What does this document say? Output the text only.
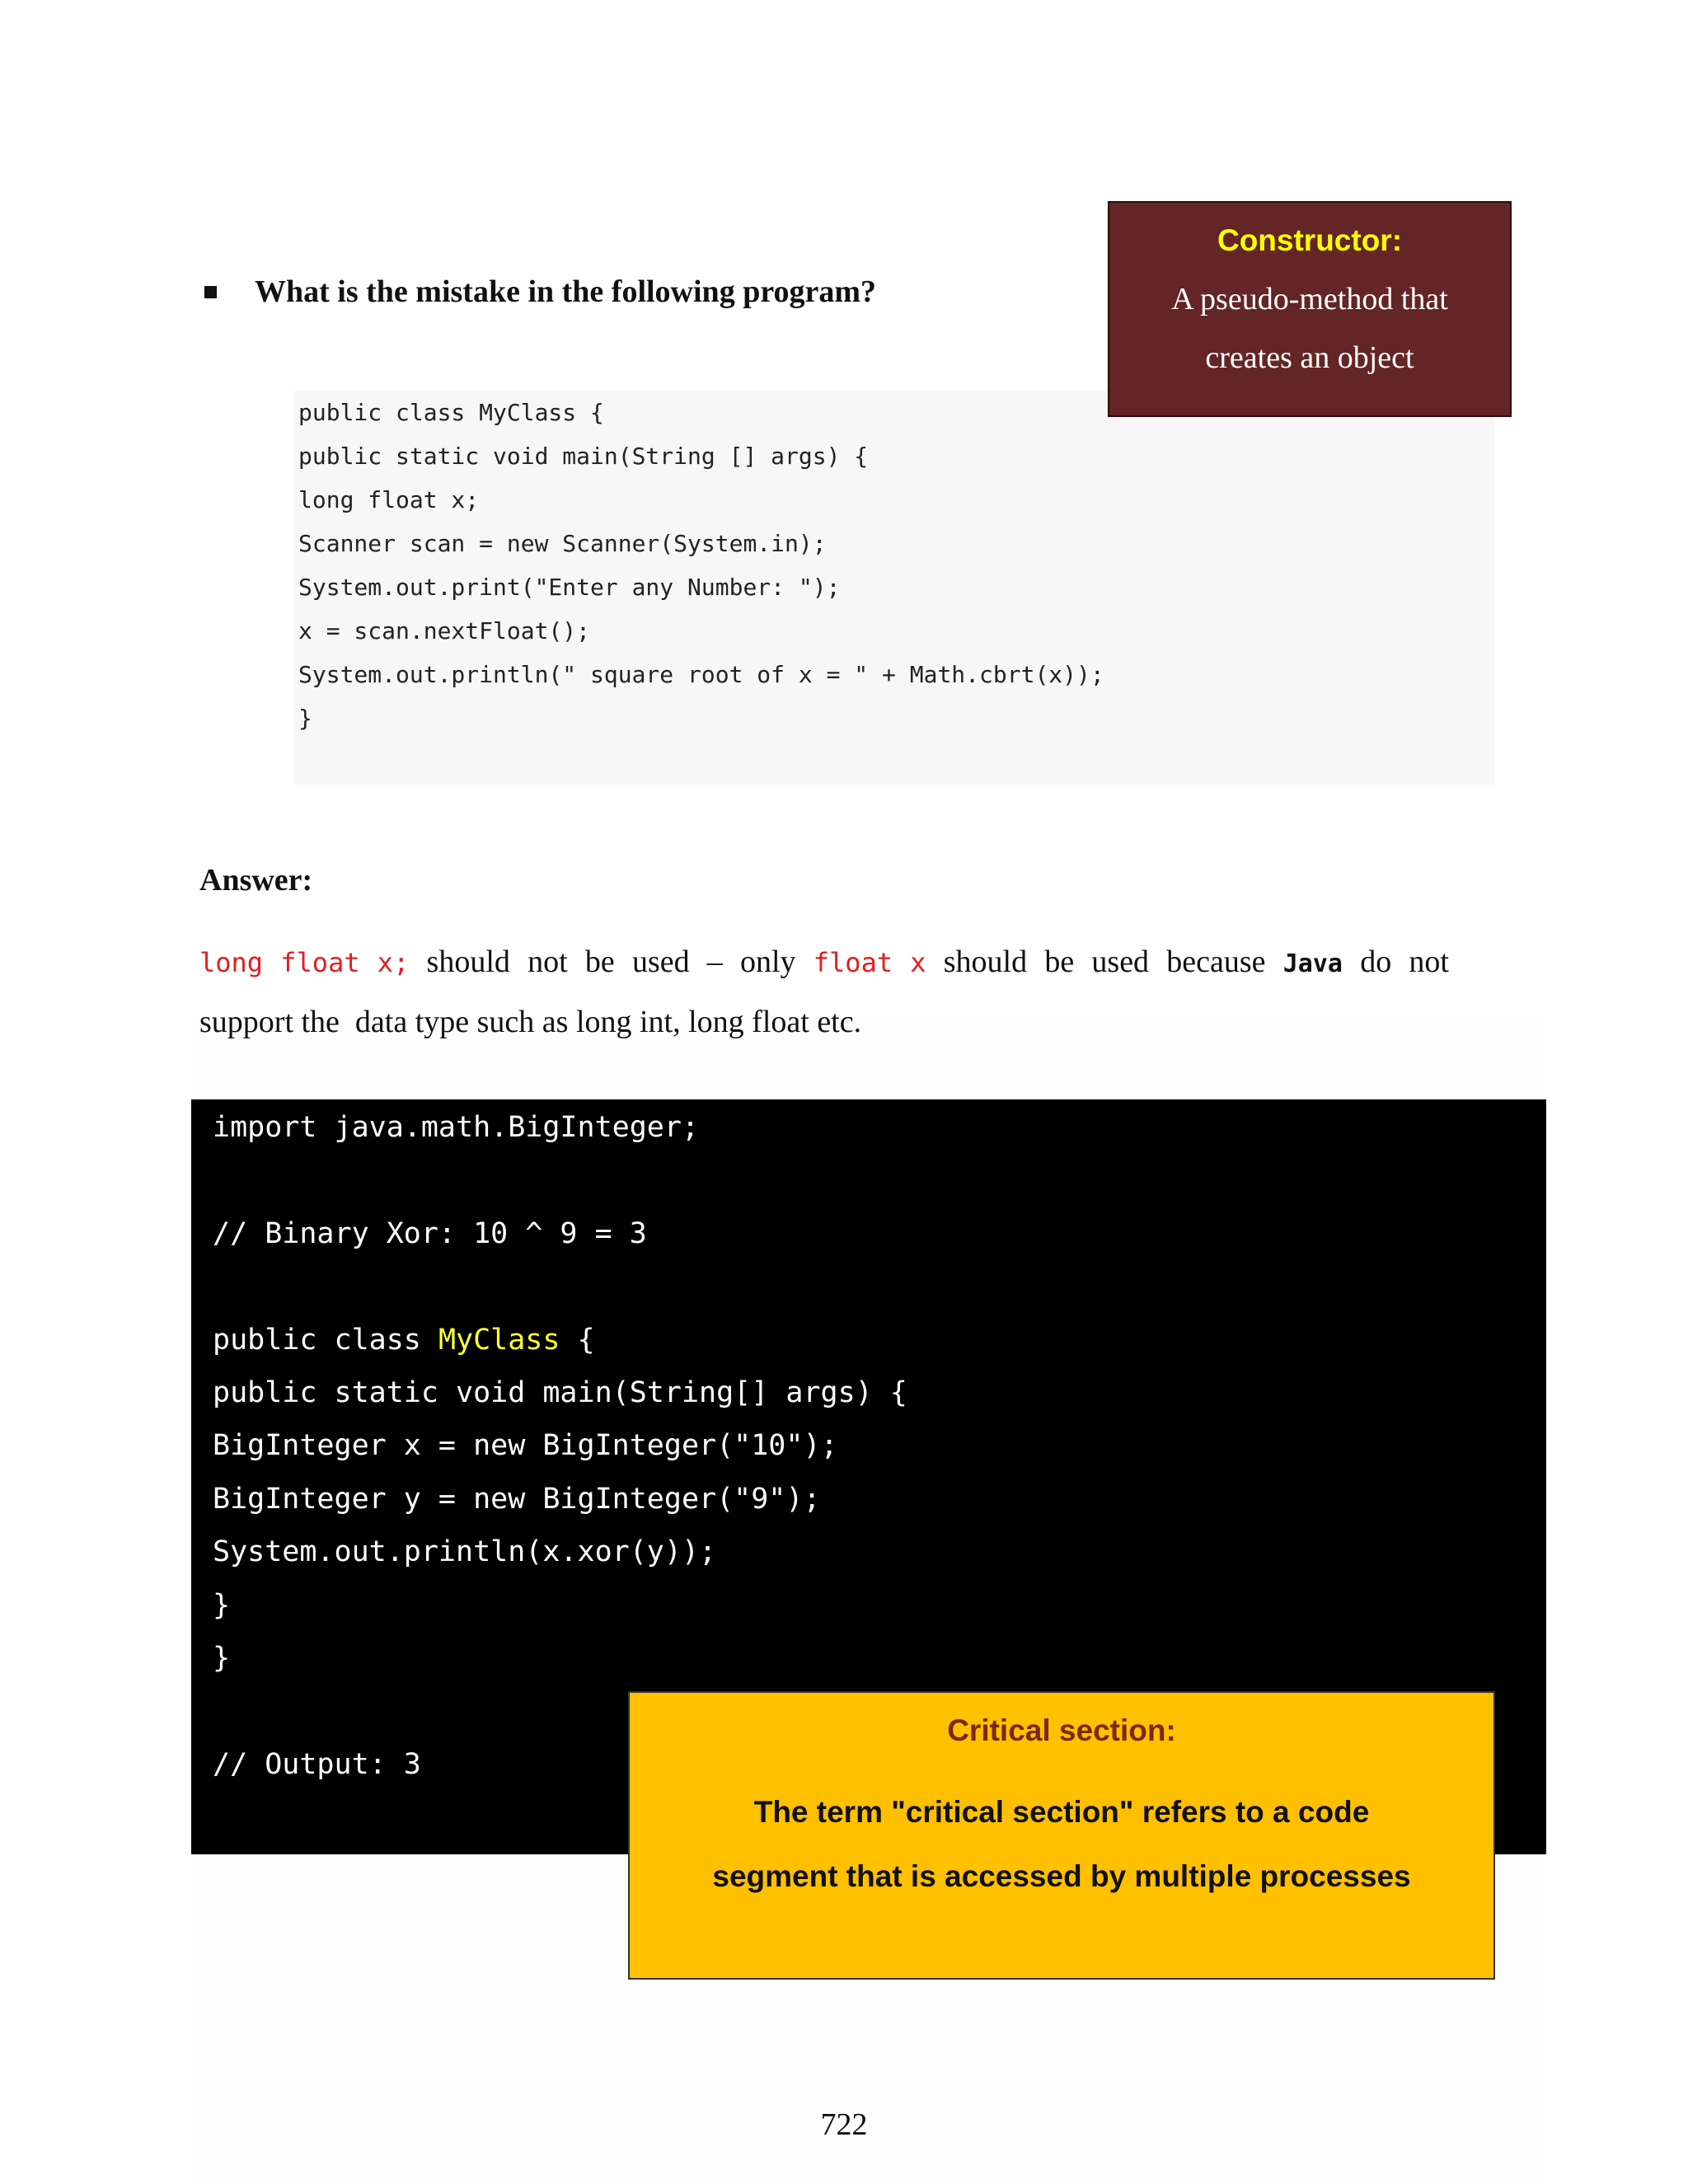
What is the mistake in the following program?
public class MyClass {
public static void main(String [] args) {
long float x;
Scanner scan = new Scanner(System.in);
System.out.print("Enter any Number: ");
x = scan.nextFloat();
System.out.println(" square root of x = " + Math.cbrt(x));
}
Constructor:
A pseudo-method that
creates an object
Answer:
long float x; should not be used – only float x should be used because Java do not
support the  data type such as long int, long float etc.
import java.math.BigInteger;
// Binary Xor: 10 ^ 9 = 3
public class MyClass {
public static void main(String[] args) {
BigInteger x = new BigInteger("10");
BigInteger y = new BigInteger("9");
System.out.println(x.xor(y));
}
}
// Output: 3
Critical section:
The term "critical section" refers to a code
segment that is accessed by multiple processes
722
